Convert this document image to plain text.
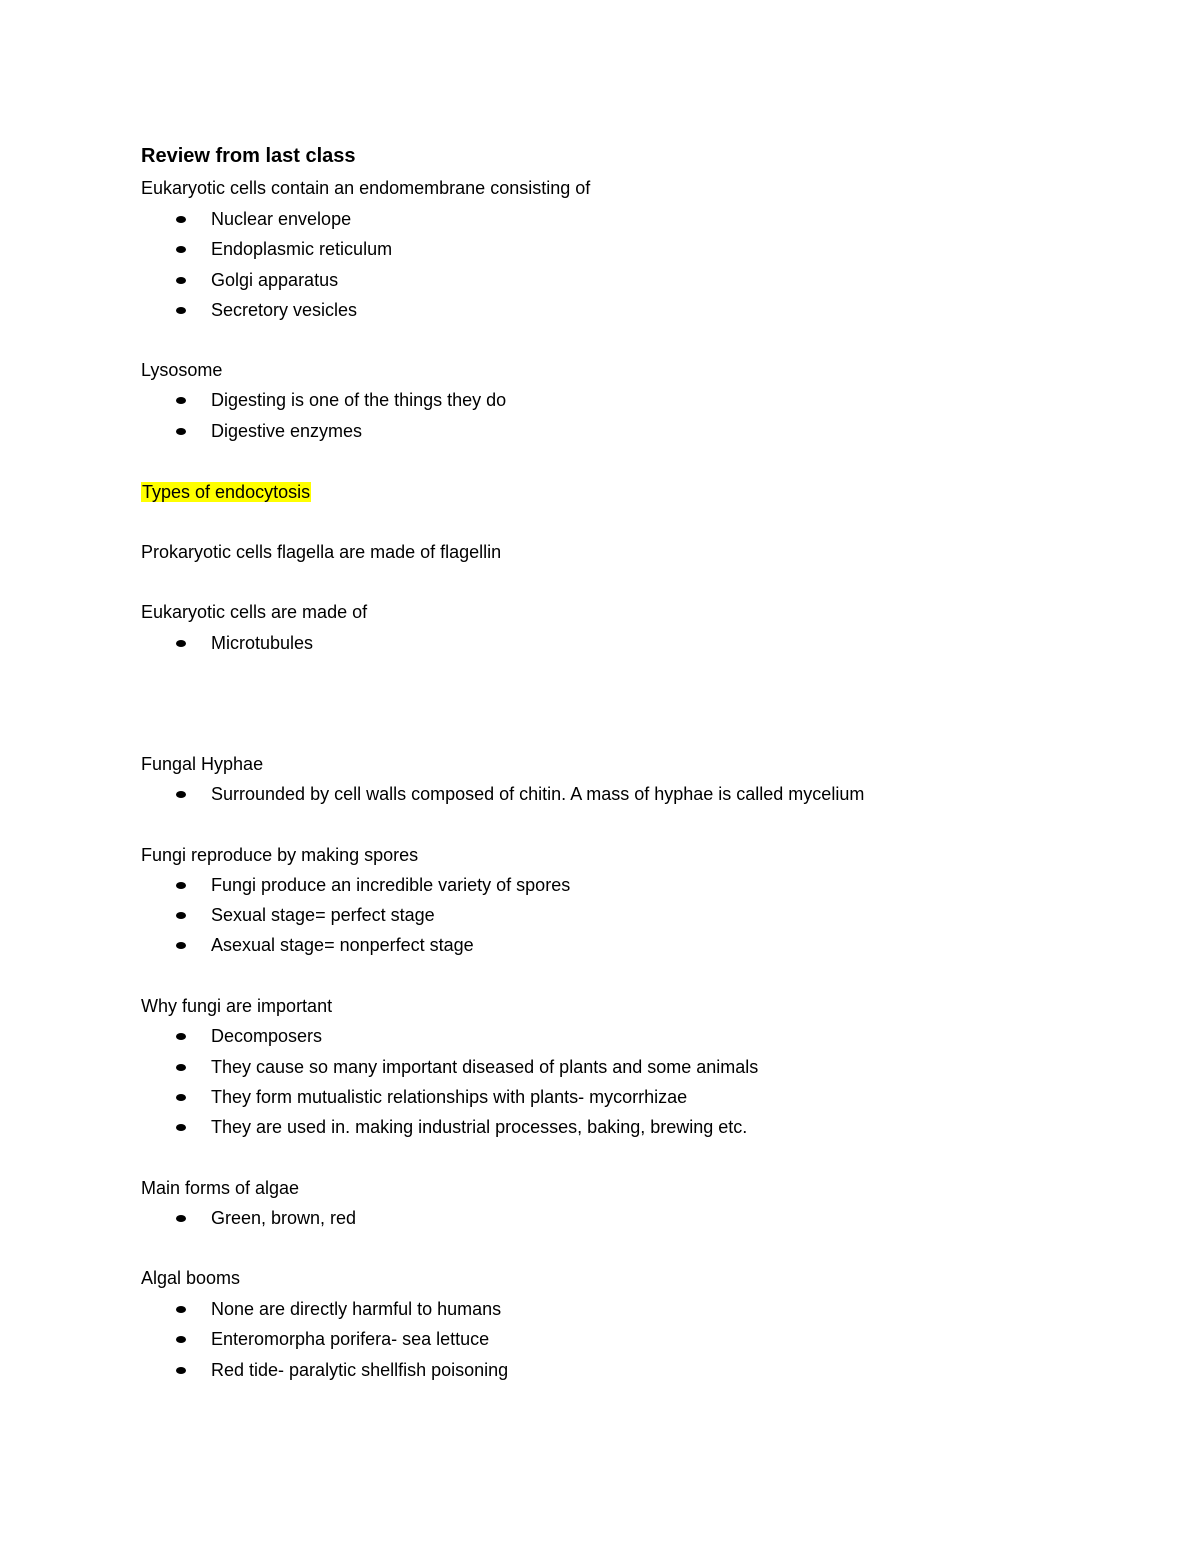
Review from last class
Eukaryotic cells contain an endomembrane consisting of
Nuclear envelope
Endoplasmic reticulum
Golgi apparatus
Secretory vesicles
Lysosome
Digesting is one of the things they do
Digestive enzymes
Types of endocytosis
Prokaryotic cells flagella are made of flagellin
Eukaryotic cells are made of
Microtubules
Fungal Hyphae
Surrounded by cell walls composed of chitin. A mass of hyphae is called mycelium
Fungi reproduce by making spores
Fungi produce an incredible variety of spores
Sexual stage= perfect stage
Asexual stage= nonperfect stage
Why fungi are important
Decomposers
They cause so many important diseased of plants and some animals
They form mutualistic relationships with plants- mycorrhizae
They are used in. making industrial processes, baking, brewing etc.
Main forms of algae
Green, brown, red
Algal booms
None are directly harmful to humans
Enteromorpha porifera- sea lettuce
Red tide- paralytic shellfish poisoning
